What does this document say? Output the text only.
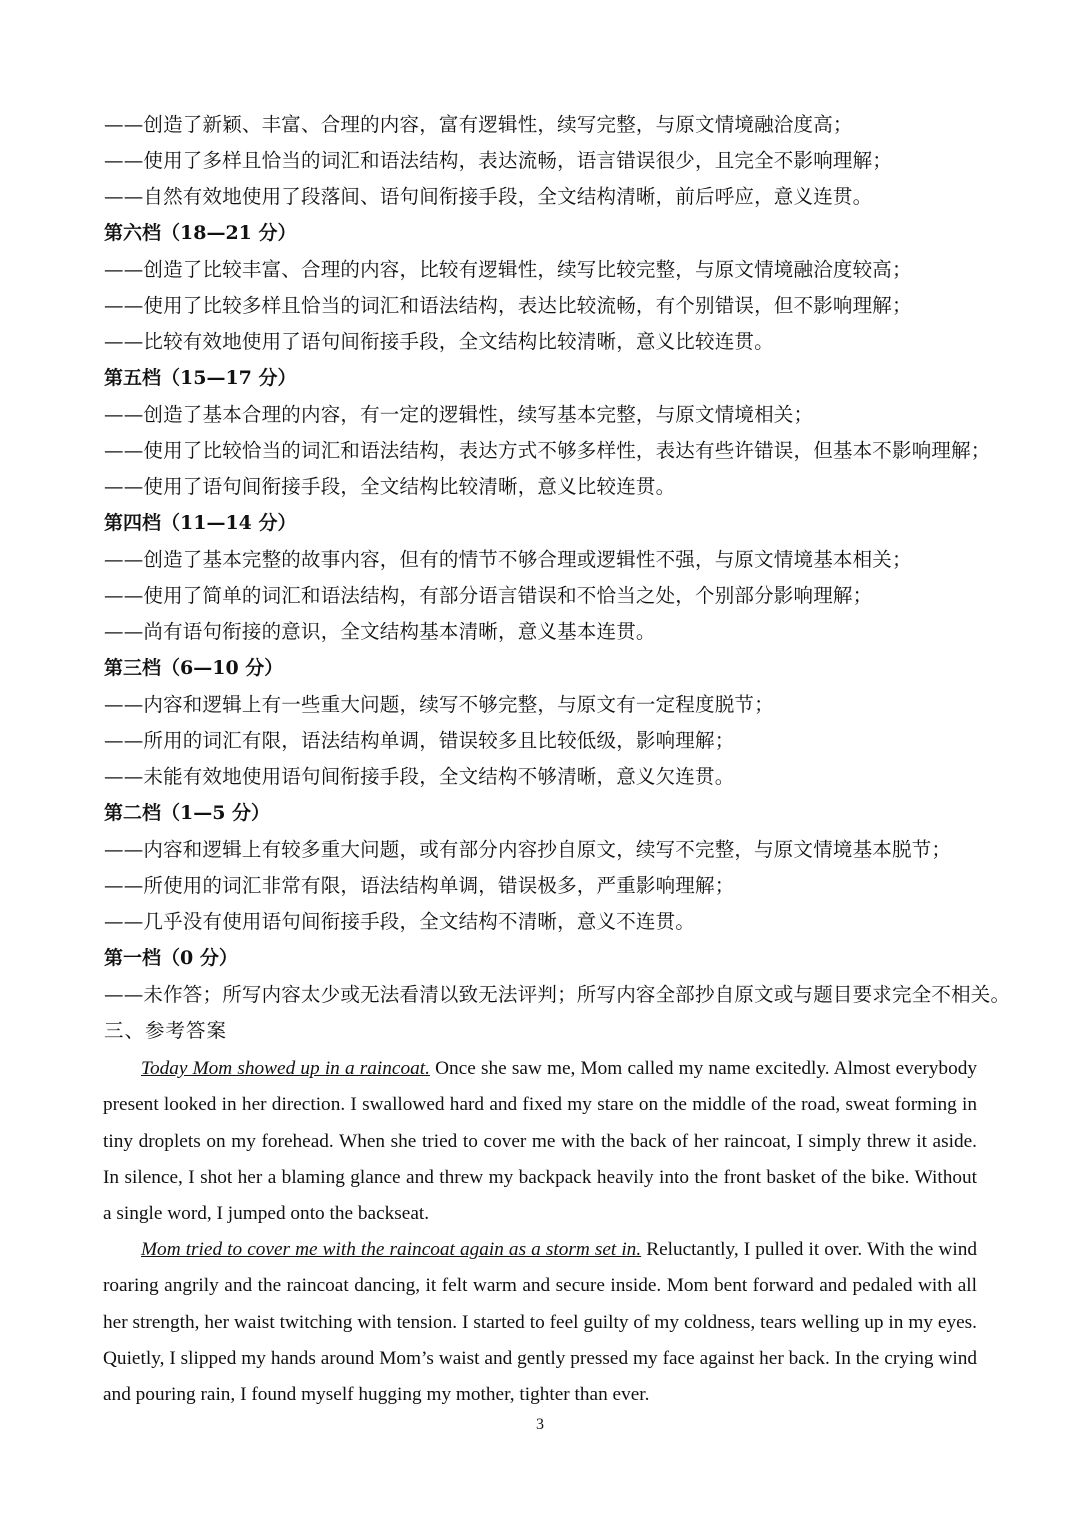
——创造了新颖、丰富、合理的内容，富有逻辑性，续写完整，与原文情境融洽度高；
——使用了多样且恰当的词汇和语法结构，表达流畅，语言错误很少，且完全不影响理解；
——自然有效地使用了段落间、语句间衔接手段，全文结构清晰，前后呼应，意义连贯。
第六档（18—21 分）
——创造了比较丰富、合理的内容，比较有逻辑性，续写比较完整，与原文情境融洽度较高；
——使用了比较多样且恰当的词汇和语法结构，表达比较流畅，有个别错误，但不影响理解；
——比较有效地使用了语句间衔接手段，全文结构比较清晰，意义比较连贯。
第五档（15—17 分）
——创造了基本合理的内容，有一定的逻辑性，续写基本完整，与原文情境相关；
——使用了比较恰当的词汇和语法结构，表达方式不够多样性，表达有些许错误，但基本不影响理解；
——使用了语句间衔接手段，全文结构比较清晰，意义比较连贯。
第四档（11—14 分）
——创造了基本完整的故事内容，但有的情节不够合理或逻辑性不强，与原文情境基本相关；
——使用了简单的词汇和语法结构，有部分语言错误和不恰当之处，个别部分影响理解；
——尚有语句衔接的意识，全文结构基本清晰，意义基本连贯。
第三档（6—10 分）
——内容和逻辑上有一些重大问题，续写不够完整，与原文有一定程度脱节；
——所用的词汇有限，语法结构单调，错误较多且比较低级，影响理解；
——未能有效地使用语句间衔接手段，全文结构不够清晰，意义欠连贯。
第二档（1—5 分）
——内容和逻辑上有较多重大问题，或有部分内容抄自原文，续写不完整，与原文情境基本脱节；
——所使用的词汇非常有限，语法结构单调，错误极多，严重影响理解；
——几乎没有使用语句间衔接手段，全文结构不清晰，意义不连贯。
第一档（0 分）
——未作答；所写内容太少或无法看清以致无法评判；所写内容全部抄自原文或与题目要求完全不相关。
三、参考答案

Today Mom showed up in a raincoat. Once she saw me, Mom called my name excitedly. Almost everybody present looked in her direction. I swallowed hard and fixed my stare on the middle of the road, sweat forming in tiny droplets on my forehead. When she tried to cover me with the back of her raincoat, I simply threw it aside. In silence, I shot her a blaming glance and threw my backpack heavily into the front basket of the bike. Without a single word, I jumped onto the backseat.

Mom tried to cover me with the raincoat again as a storm set in. Reluctantly, I pulled it over. With the wind roaring angrily and the raincoat dancing, it felt warm and secure inside. Mom bent forward and pedaled with all her strength, her waist twitching with tension. I started to feel guilty of my coldness, tears welling up in my eyes. Quietly, I slipped my hands around Mom’s waist and gently pressed my face against her back. In the crying wind and pouring rain, I found myself hugging my mother, tighter than ever.

3
